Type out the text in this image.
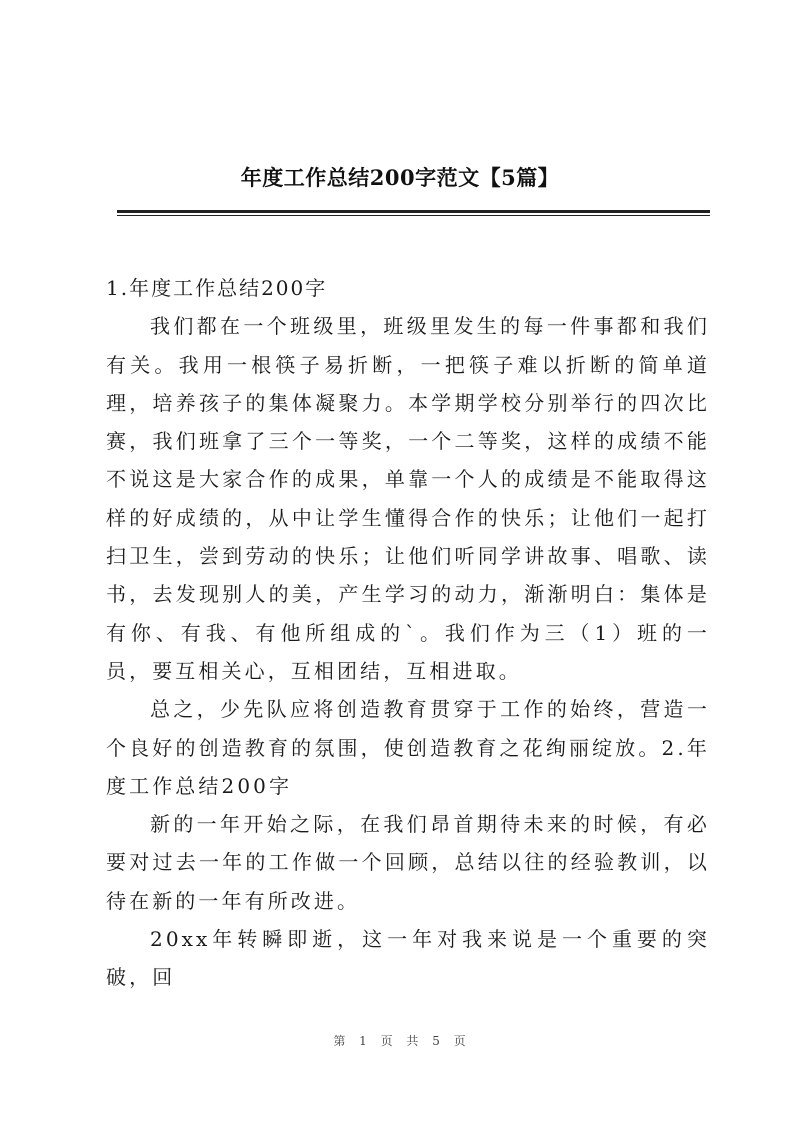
年度工作总结200字范文【5篇】

1.年度工作总结200字

我们都在一个班级里，班级里发生的每一件事都和我们有关。我用一根筷子易折断，一把筷子难以折断的简单道理，培养孩子的集体凝聚力。本学期学校分别举行的四次比赛，我们班拿了三个一等奖，一个二等奖，这样的成绩不能不说这是大家合作的成果，单靠一个人的成绩是不能取得这样的好成绩的，从中让学生懂得合作的快乐；让他们一起打扫卫生，尝到劳动的快乐；让他们听同学讲故事、唱歌、读书，去发现别人的美，产生学习的动力，渐渐明白：集体是有你、有我、有他所组成的`。我们作为三（1）班的一员，要互相关心，互相团结，互相进取。

总之，少先队应将创造教育贯穿于工作的始终，营造一个良好的创造教育的氛围，使创造教育之花绚丽绽放。2.年度工作总结200字

新的一年开始之际，在我们昂首期待未来的时候，有必要对过去一年的工作做一个回顾，总结以往的经验教训，以待在新的一年有所改进。

20xx年转瞬即逝，这一年对我来说是一个重要的突破，回

第 1 页 共 5 页
